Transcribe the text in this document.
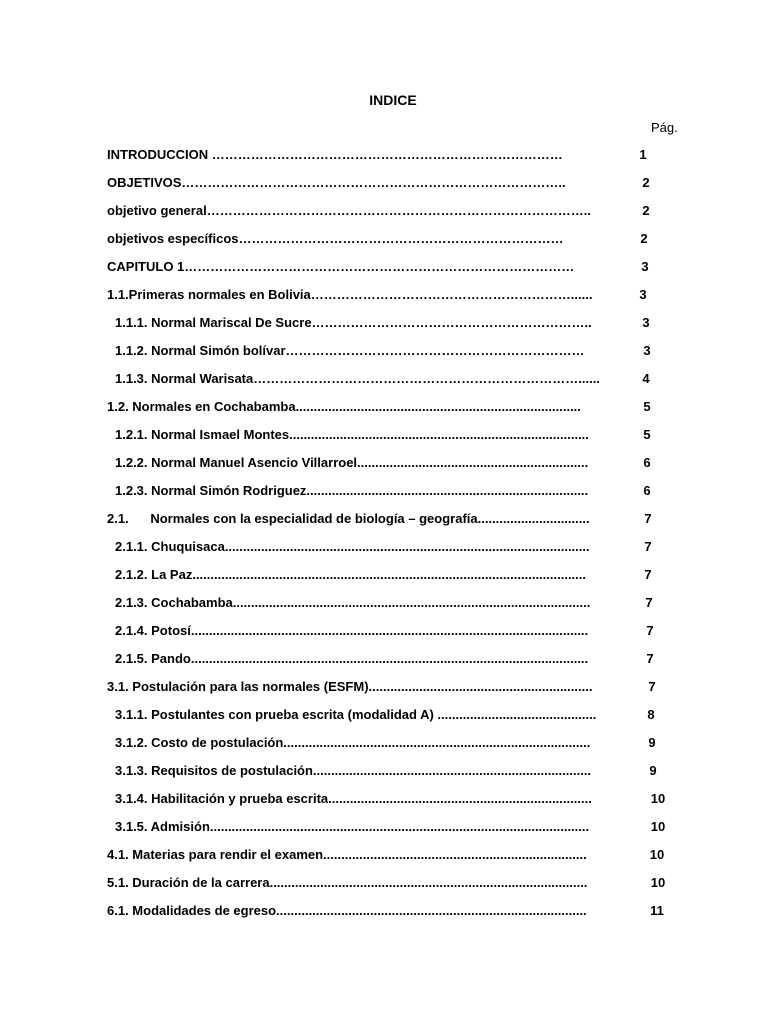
INDICE
Pág.
INTRODUCCION ………………………………………………………………………	1
OBJETIVOS……………………………………………………………………………..	2
objetivo general……………………………………………………………………………..	2
objetivos específicos…………………………………………………………………	2
CAPITULO 1………………………………………………………………………………	3
1.1.Primeras normales en Bolivia……………………………………………………......	3
1.1.1. Normal Mariscal De Sucre………………………………………………………..	3
1.1.2. Normal Simón bolívar……………………………………………………………	3
1.1.3. Normal Warisata…………………………………………………………………......	4
1.2. Normales en Cochabamba...............................................................................	5
1.2.1. Normal Ismael Montes...................................................................................	5
1.2.2. Normal Manuel Asencio Villarroel................................................................	6
1.2.3. Normal Simón Rodriguez..............................................................................	6
2.1.      Normales con la especialidad de biología – geografía...............................	7
2.1.1. Chuquisaca.....................................................................................................	7
2.1.2. La Paz.............................................................................................................	7
2.1.3. Cochabamba...................................................................................................	7
2.1.4. Potosí..............................................................................................................	7
2.1.5. Pando..............................................................................................................	7
3.1. Postulación para las normales (ESFM)..............................................................	7
3.1.1. Postulantes con prueba escrita (modalidad A) ............................................	8
3.1.2. Costo de postulación.....................................................................................	9
3.1.3. Requisitos de postulación.............................................................................	9
3.1.4. Habilitación y prueba escrita.........................................................................	10
3.1.5. Admisión.........................................................................................................	10
4.1. Materias para rendir el examen.........................................................................	10
5.1. Duración de la carrera........................................................................................	10
6.1. Modalidades de egreso......................................................................................	11
